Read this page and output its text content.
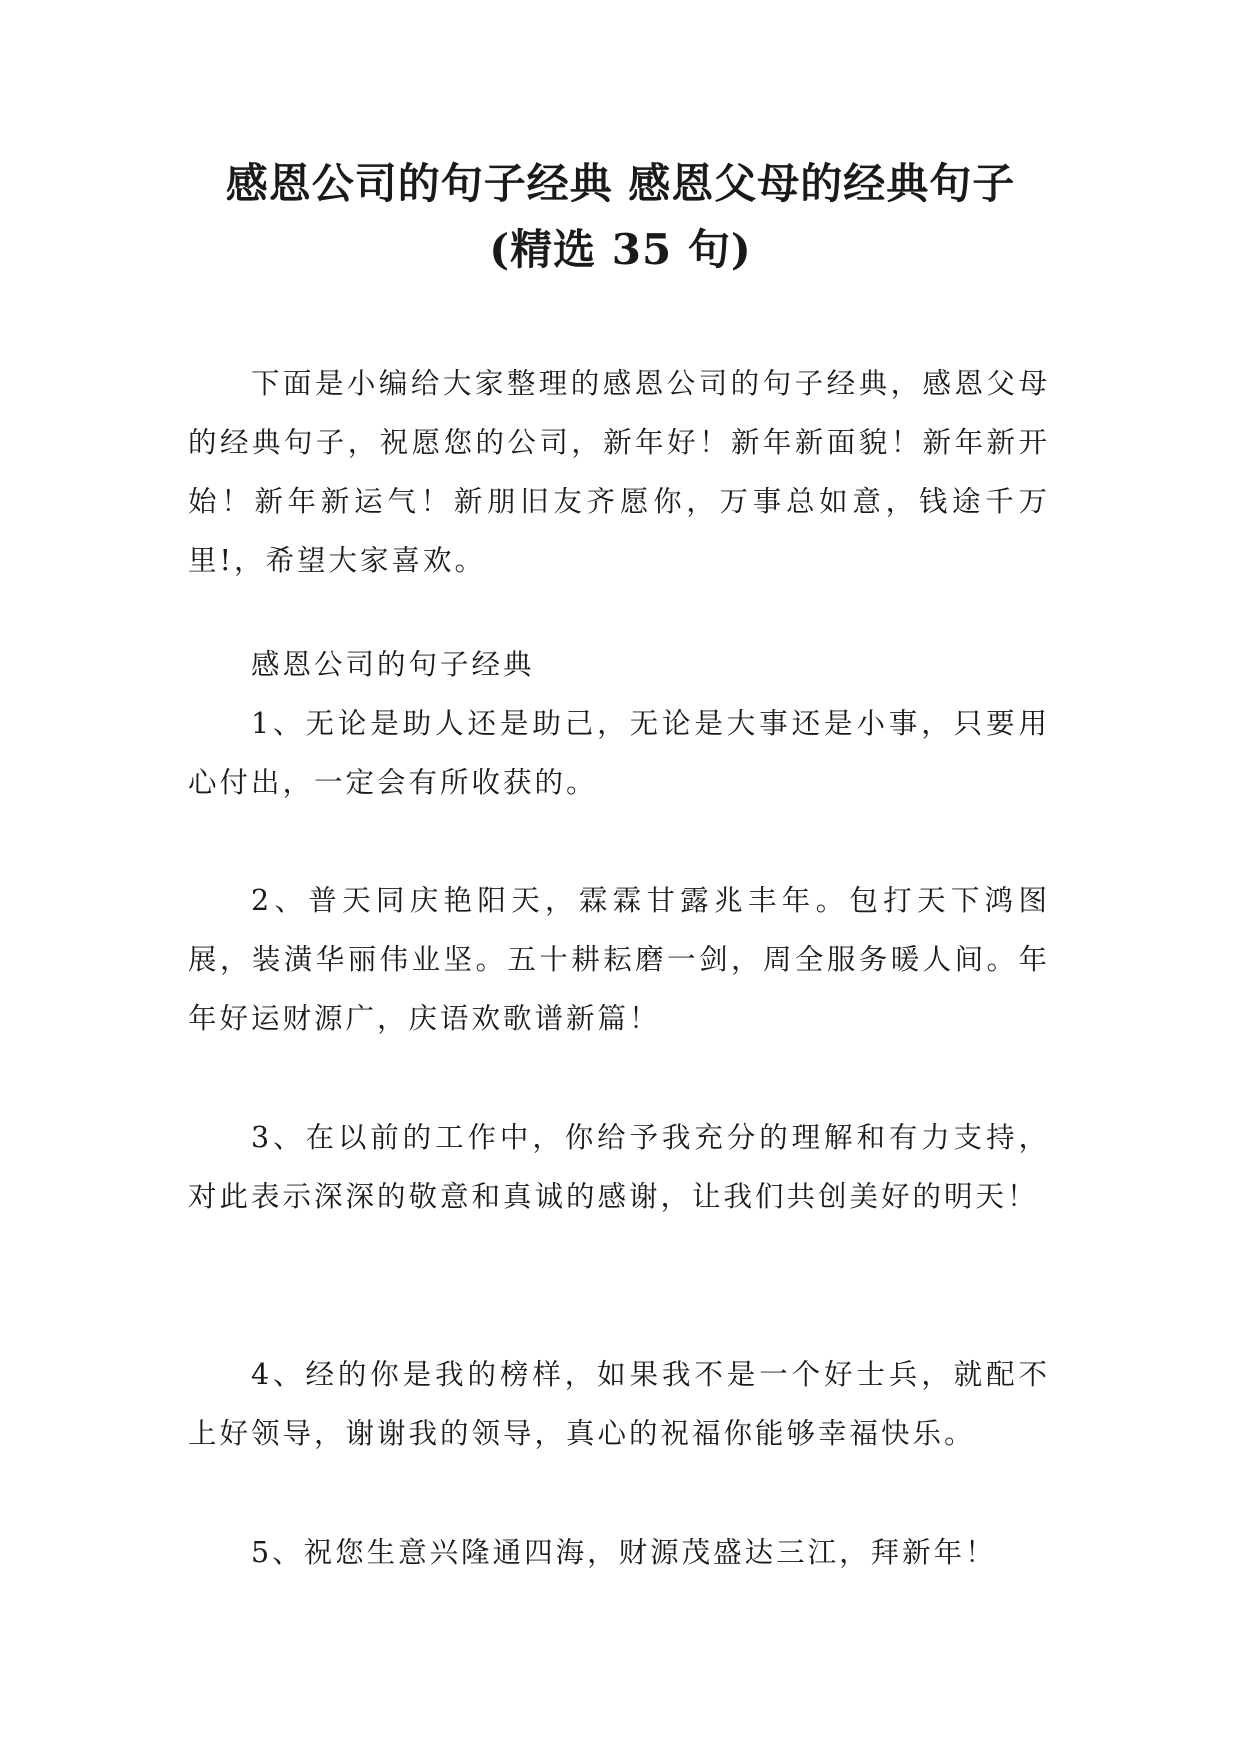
感恩公司的句子经典 感恩父母的经典句子
(精选 35 句)

下面是小编给大家整理的感恩公司的句子经典，感恩父母的经典句子，祝愿您的公司，新年好！新年新面貌！新年新开始！新年新运气！新朋旧友齐愿你，万事总如意，钱途千万里!，希望大家喜欢。

感恩公司的句子经典

1、无论是助人还是助己，无论是大事还是小事，只要用心付出，一定会有所收获的。

2、普天同庆艳阳天，霖霖甘露兆丰年。包打天下鸿图展，装潢华丽伟业坚。五十耕耘磨一剑，周全服务暖人间。年年好运财源广，庆语欢歌谱新篇！

3、在以前的工作中，你给予我充分的理解和有力支持，对此表示深深的敬意和真诚的感谢，让我们共创美好的明天！

4、经的你是我的榜样，如果我不是一个好士兵，就配不上好领导，谢谢我的领导，真心的祝福你能够幸福快乐。

5、祝您生意兴隆通四海，财源茂盛达三江，拜新年！
